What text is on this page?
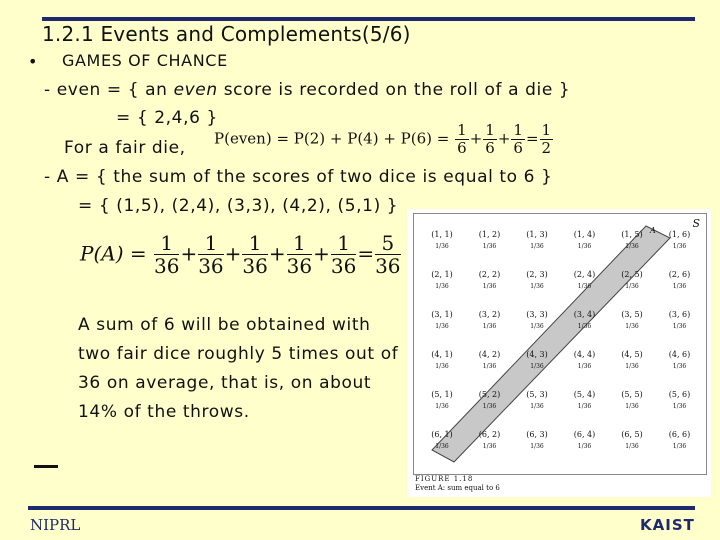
1.2.1 Events and Complements(5/6)
• GAMES OF CHANCE
- even = { an even score is recorded on the roll of a die }
= { 2,4,6 }
For a fair die, P(even) = $P(2) + P(4) + P(6) = \frac{1}{6} + \frac{1}{6} + \frac{1}{6} = \frac{1}{2}$
- A = { the sum of the scores of two dice is equal to 6 }
= { (1,5), (2,4), (3,3), (4,2), (5,1) }
$P(A) = \frac{1}{36} + \frac{1}{36} + \frac{1}{36} + \frac{1}{36} + \frac{1}{36} = \frac{5}{36}$
A sum of 6 will be obtained with
two fair dice roughly 5 times out of
36 on average, that is, on about
14% of the throws.
S
A
(1, 1)
1/36
(1, 2)
1/36
(1, 3)
1/36
(1, 4)
1/36
(1, 5)
1/36
(1, 6)
1/36
(2, 1)
1/36
(2, 2)
1/36
(2, 3)
1/36
(2, 4)
1/36
(2, 5)
1/36
(2, 6)
1/36
(3, 1)
1/36
(3, 2)
1/36
(3, 3)
1/36
(3, 4)
1/36
(3, 5)
1/36
(3, 6)
1/36
(4, 1)
1/36
(4, 2)
1/36
(4, 3)
1/36
(4, 4)
1/36
(4, 5)
1/36
(4, 6)
1/36
(5, 1)
1/36
(5, 2)
1/36
(5, 3)
1/36
(5, 4)
1/36
(5, 5)
1/36
(5, 6)
1/36
(6, 1)
1/36
(6, 2)
1/36
(6, 3)
1/36
(6, 4)
1/36
(6, 5)
1/36
(6, 6)
1/36
FIGURE 1.18
Event A: sum equal to 6
NIPRL	KAIST
